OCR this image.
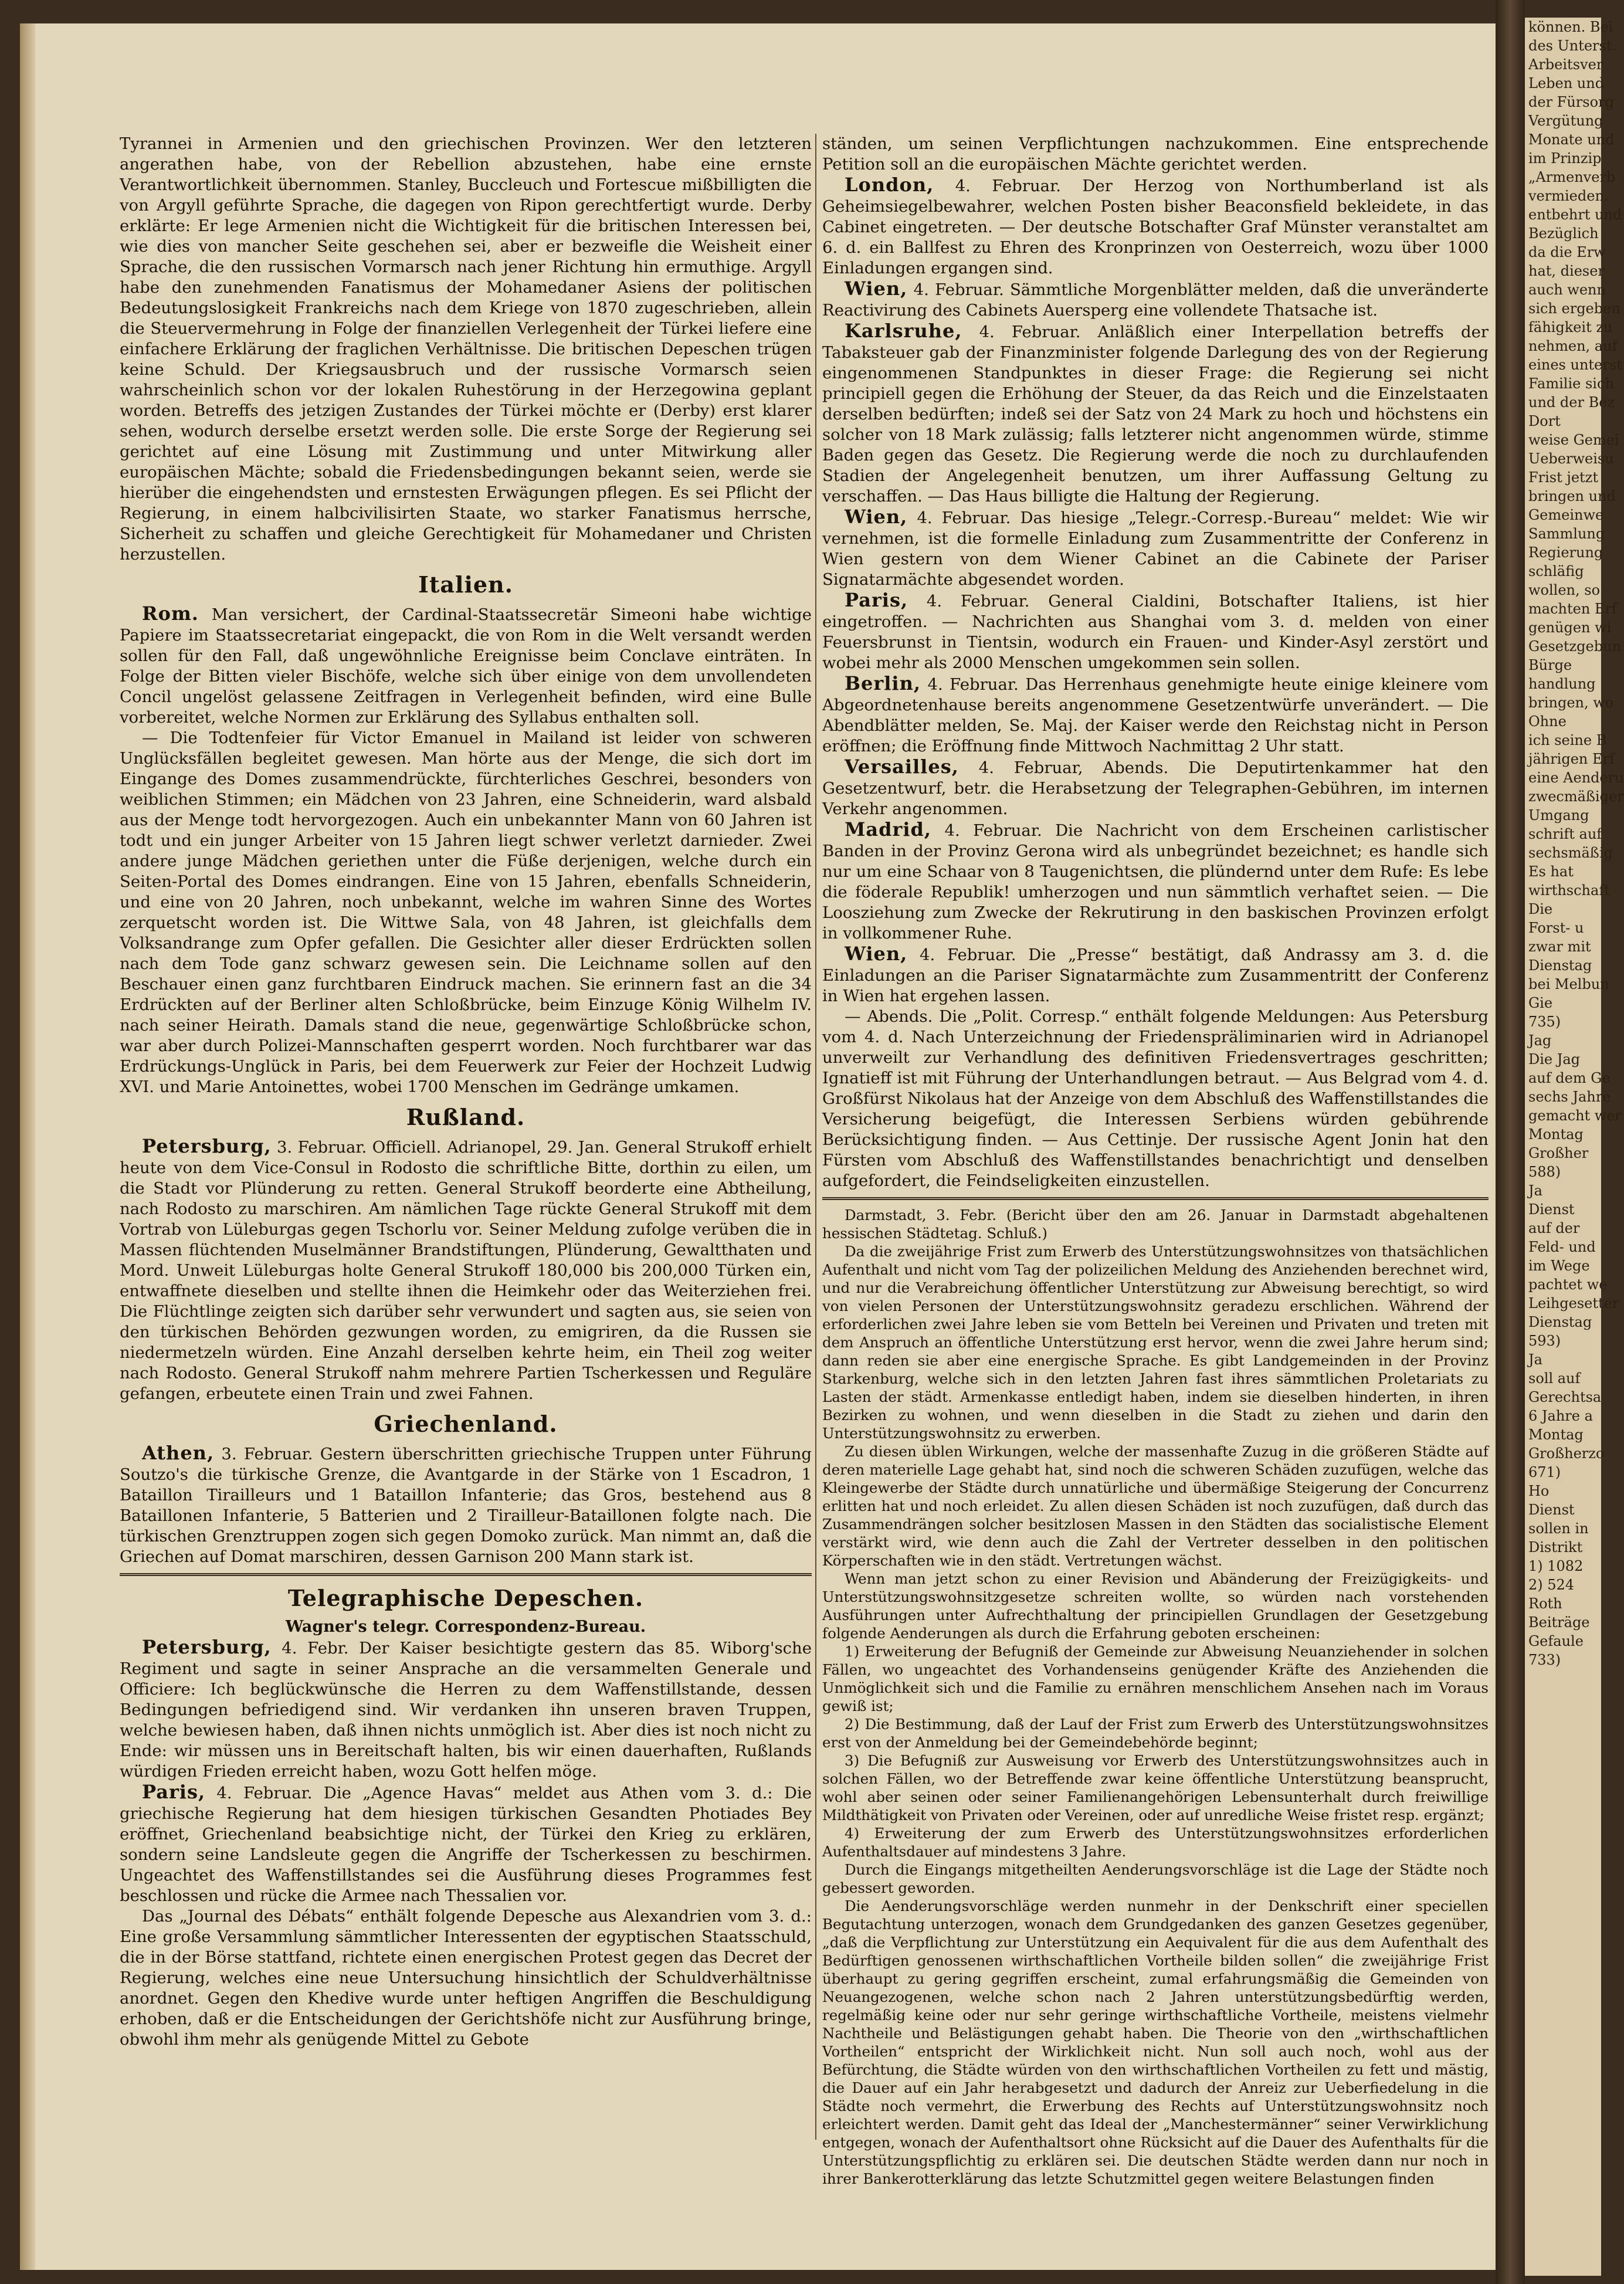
Tyrannei in Armenien und den griechischen Provinzen. Wer den letzteren angerathen habe, von der Rebellion abzustehen, habe eine ernste Verantwortlichkeit übernommen. Stanley, Buccleuch und Fortescue mißbilligten die von Argyll geführte Sprache, die dagegen von Ripon gerechtfertigt wurde. Derby erklärte: Er lege Armenien nicht die Wichtigkeit für die britischen Interessen bei, wie dies von mancher Seite geschehen sei, aber er bezweifle die Weisheit einer Sprache, die den russischen Vormarsch nach jener Richtung hin ermuthige. Argyll habe den zunehmenden Fanatismus der Mohamedaner Asiens der politischen Bedeutungslosigkeit Frankreichs nach dem Kriege von 1870 zugeschrieben, allein die Steuervermehrung in Folge der finanziellen Verlegenheit der Türkei liefere eine einfachere Erklärung der fraglichen Verhältnisse. Die britischen Depeschen trügen keine Schuld. Der Kriegsausbruch und der russische Vormarsch seien wahrscheinlich schon vor der lokalen Ruhestörung in der Herzegowina geplant worden. Betreffs des jetzigen Zustandes der Türkei möchte er (Derby) erst klarer sehen, wodurch derselbe ersetzt werden solle. Die erste Sorge der Regierung sei gerichtet auf eine Lösung mit Zustimmung und unter Mitwirkung aller europäischen Mächte; sobald die Friedensbedingungen bekannt seien, werde sie hierüber die eingehendsten und ernstesten Erwägungen pflegen. Es sei Pflicht der Regierung, in einem halbcivilisirten Staate, wo starker Fanatismus herrsche, Sicherheit zu schaffen und gleiche Gerechtigkeit für Mohamedaner und Christen herzustellen.

Italien.

Rom. Man versichert, der Cardinal-Staatssecretär Simeoni habe wichtige Papiere im Staatssecretariat eingepackt, die von Rom in die Welt versandt werden sollen für den Fall, daß ungewöhnliche Ereignisse beim Conclave einträten. In Folge der Bitten vieler Bischöfe, welche sich über einige von dem unvollendeten Concil ungelöst gelassene Zeitfragen in Verlegenheit befinden, wird eine Bulle vorbereitet, welche Normen zur Erklärung des Syllabus enthalten soll.

— Die Todtenfeier für Victor Emanuel in Mailand ist leider von schweren Unglücksfällen begleitet gewesen. Man hörte aus der Menge, die sich dort im Eingange des Domes zusammendrückte, fürchterliches Geschrei, besonders von weiblichen Stimmen; ein Mädchen von 23 Jahren, eine Schneiderin, ward alsbald aus der Menge todt hervorgezogen. Auch ein unbekannter Mann von 60 Jahren ist todt und ein junger Arbeiter von 15 Jahren liegt schwer verletzt darnieder. Zwei andere junge Mädchen geriethen unter die Füße derjenigen, welche durch ein Seiten-Portal des Domes eindrangen. Eine von 15 Jahren, ebenfalls Schneiderin, und eine von 20 Jahren, noch unbekannt, welche im wahren Sinne des Wortes zerquetscht worden ist. Die Wittwe Sala, von 48 Jahren, ist gleichfalls dem Volksandrange zum Opfer gefallen. Die Gesichter aller dieser Erdrückten sollen nach dem Tode ganz schwarz gewesen sein. Die Leichname sollen auf den Beschauer einen ganz furchtbaren Eindruck machen. Sie erinnern fast an die 34 Erdrückten auf der Berliner alten Schloßbrücke, beim Einzuge König Wilhelm IV. nach seiner Heirath. Damals stand die neue, gegenwärtige Schloßbrücke schon, war aber durch Polizei-Mannschaften gesperrt worden. Noch furchtbarer war das Erdrückungs-Unglück in Paris, bei dem Feuerwerk zur Feier der Hochzeit Ludwig XVI. und Marie Antoinettes, wobei 1700 Menschen im Gedränge umkamen.

Rußland.

Petersburg, 3. Februar. Officiell. Adrianopel, 29. Jan. General Strukoff erhielt heute von dem Vice-Consul in Rodosto die schriftliche Bitte, dorthin zu eilen, um die Stadt vor Plünderung zu retten. General Strukoff beorderte eine Abtheilung, nach Rodosto zu marschiren. Am nämlichen Tage rückte General Strukoff mit dem Vortrab von Lüleburgas gegen Tschorlu vor. Seiner Meldung zufolge verüben die in Massen flüchtenden Muselmänner Brandstiftungen, Plünderung, Gewaltthaten und Mord. Unweit Lüleburgas holte General Strukoff 180,000 bis 200,000 Türken ein, entwaffnete dieselben und stellte ihnen die Heimkehr oder das Weiterziehen frei. Die Flüchtlinge zeigten sich darüber sehr verwundert und sagten aus, sie seien von den türkischen Behörden gezwungen worden, zu emigriren, da die Russen sie niedermetzeln würden. Eine Anzahl derselben kehrte heim, ein Theil zog weiter nach Rodosto. General Strukoff nahm mehrere Partien Tscherkessen und Reguläre gefangen, erbeutete einen Train und zwei Fahnen.

Griechenland.

Athen, 3. Februar. Gestern überschritten griechische Truppen unter Führung Soutzo's die türkische Grenze, die Avantgarde in der Stärke von 1 Escadron, 1 Bataillon Tirailleurs und 1 Bataillon Infanterie; das Gros, bestehend aus 8 Bataillonen Infanterie, 5 Batterien und 2 Tirailleur-Bataillonen folgte nach. Die türkischen Grenztruppen zogen sich gegen Domoko zurück. Man nimmt an, daß die Griechen auf Domat marschiren, dessen Garnison 200 Mann stark ist.

Telegraphische Depeschen.
Wagner's telegr. Correspondenz-Bureau.

Petersburg, 4. Febr. Der Kaiser besichtigte gestern das 85. Wiborg'sche Regiment und sagte in seiner Ansprache an die versammelten Generale und Officiere: Ich beglückwünsche die Herren zu dem Waffenstillstande, dessen Bedingungen befriedigend sind. Wir verdanken ihn unseren braven Truppen, welche bewiesen haben, daß ihnen nichts unmöglich ist. Aber dies ist noch nicht zu Ende: wir müssen uns in Bereitschaft halten, bis wir einen dauerhaften, Rußlands würdigen Frieden erreicht haben, wozu Gott helfen möge.

Paris, 4. Februar. Die „Agence Havas“ meldet aus Athen vom 3. d.: Die griechische Regierung hat dem hiesigen türkischen Gesandten Photiades Bey eröffnet, Griechenland beabsichtige nicht, der Türkei den Krieg zu erklären, sondern seine Landsleute gegen die Angriffe der Tscherkessen zu beschirmen. Ungeachtet des Waffenstillstandes sei die Ausführung dieses Programmes fest beschlossen und rücke die Armee nach Thessalien vor.

Das „Journal des Débats“ enthält folgende Depesche aus Alexandrien vom 3. d.: Eine große Versammlung sämmtlicher Interessenten der egyptischen Staatsschuld, die in der Börse stattfand, richtete einen energischen Protest gegen das Decret der Regierung, welches eine neue Untersuchung hinsichtlich der Schuldverhältnisse anordnet. Gegen den Khedive wurde unter heftigen Angriffen die Beschuldigung erhoben, daß er die Entscheidungen der Gerichtshöfe nicht zur Ausführung bringe, obwohl ihm mehr als genügende Mittel zu Gebote

ständen, um seinen Verpflichtungen nachzukommen. Eine entsprechende Petition soll an die europäischen Mächte gerichtet werden.

London, 4. Februar. Der Herzog von Northumberland ist als Geheimsiegelbewahrer, welchen Posten bisher Beaconsfield bekleidete, in das Cabinet eingetreten. — Der deutsche Botschafter Graf Münster veranstaltet am 6. d. ein Ballfest zu Ehren des Kronprinzen von Oesterreich, wozu über 1000 Einladungen ergangen sind.

Wien, 4. Februar. Sämmtliche Morgenblätter melden, daß die unveränderte Reactivirung des Cabinets Auersperg eine vollendete Thatsache ist.

Karlsruhe, 4. Februar. Anläßlich einer Interpellation betreffs der Tabaksteuer gab der Finanzminister folgende Darlegung des von der Regierung eingenommenen Standpunktes in dieser Frage: die Regierung sei nicht principiell gegen die Erhöhung der Steuer, da das Reich und die Einzelstaaten derselben bedürften; indeß sei der Satz von 24 Mark zu hoch und höchstens ein solcher von 18 Mark zulässig; falls letzterer nicht angenommen würde, stimme Baden gegen das Gesetz. Die Regierung werde die noch zu durchlaufenden Stadien der Angelegenheit benutzen, um ihrer Auffassung Geltung zu verschaffen. — Das Haus billigte die Haltung der Regierung.

Wien, 4. Februar. Das hiesige „Telegr.-Corresp.-Bureau“ meldet: Wie wir vernehmen, ist die formelle Einladung zum Zusammentritte der Conferenz in Wien gestern von dem Wiener Cabinet an die Cabinete der Pariser Signatarmächte abgesendet worden.

Paris, 4. Februar. General Cialdini, Botschafter Italiens, ist hier eingetroffen. — Nachrichten aus Shanghai vom 3. d. melden von einer Feuersbrunst in Tientsin, wodurch ein Frauen- und Kinder-Asyl zerstört und wobei mehr als 2000 Menschen umgekommen sein sollen.

Berlin, 4. Februar. Das Herrenhaus genehmigte heute einige kleinere vom Abgeordnetenhause bereits angenommene Gesetzentwürfe unverändert. — Die Abendblätter melden, Se. Maj. der Kaiser werde den Reichstag nicht in Person eröffnen; die Eröffnung finde Mittwoch Nachmittag 2 Uhr statt.

Versailles, 4. Februar, Abends. Die Deputirtenkammer hat den Gesetzentwurf, betr. die Herabsetzung der Telegraphen-Gebühren, im internen Verkehr angenommen.

Madrid, 4. Februar. Die Nachricht von dem Erscheinen carlistischer Banden in der Provinz Gerona wird als unbegründet bezeichnet; es handle sich nur um eine Schaar von 8 Taugenichtsen, die plündernd unter dem Rufe: Es lebe die föderale Republik! umherzogen und nun sämmtlich verhaftet seien. — Die Loosziehung zum Zwecke der Rekrutirung in den baskischen Provinzen erfolgt in vollkommener Ruhe.

Wien, 4. Februar. Die „Presse“ bestätigt, daß Andrassy am 3. d. die Einladungen an die Pariser Signatarmächte zum Zusammentritt der Conferenz in Wien hat ergehen lassen.

— Abends. Die „Polit. Corresp.“ enthält folgende Meldungen: Aus Petersburg vom 4. d. Nach Unterzeichnung der Friedenspräliminarien wird in Adrianopel unverweilt zur Verhandlung des definitiven Friedensvertrages geschritten; Ignatieff ist mit Führung der Unterhandlungen betraut. — Aus Belgrad vom 4. d. Großfürst Nikolaus hat der Anzeige von dem Abschluß des Waffenstillstandes die Versicherung beigefügt, die Interessen Serbiens würden gebührende Berücksichtigung finden. — Aus Cettinje. Der russische Agent Jonin hat den Fürsten vom Abschluß des Waffenstillstandes benachrichtigt und denselben aufgefordert, die Feindseligkeiten einzustellen.

Darmstadt, 3. Febr. (Bericht über den am 26. Januar in Darmstadt abgehaltenen hessischen Städtetag. Schluß.)

Da die zweijährige Frist zum Erwerb des Unterstützungswohnsitzes von thatsächlichen Aufenthalt und nicht vom Tag der polizeilichen Meldung des Anziehenden berechnet wird, und nur die Verabreichung öffentlicher Unterstützung zur Abweisung berechtigt, so wird von vielen Personen der Unterstützungswohnsitz geradezu erschlichen. Während der erforderlichen zwei Jahre leben sie vom Betteln bei Vereinen und Privaten und treten mit dem Anspruch an öffentliche Unterstützung erst hervor, wenn die zwei Jahre herum sind; dann reden sie aber eine energische Sprache. Es gibt Landgemeinden in der Provinz Starkenburg, welche sich in den letzten Jahren fast ihres sämmtlichen Proletariats zu Lasten der städt. Armenkasse entledigt haben, indem sie dieselben hinderten, in ihren Bezirken zu wohnen, und wenn dieselben in die Stadt zu ziehen und darin den Unterstützungswohnsitz zu erwerben.

Zu diesen üblen Wirkungen, welche der massenhafte Zuzug in die größeren Städte auf deren materielle Lage gehabt hat, sind noch die schweren Schäden zuzufügen, welche das Kleingewerbe der Städte durch unnatürliche und übermäßige Steigerung der Concurrenz erlitten hat und noch erleidet. Zu allen diesen Schäden ist noch zuzufügen, daß durch das Zusammendrängen solcher besitzlosen Massen in den Städten das socialistische Element verstärkt wird, wie denn auch die Zahl der Vertreter desselben in den politischen Körperschaften wie in den städt. Vertretungen wächst.

Wenn man jetzt schon zu einer Revision und Abänderung der Freizügigkeits- und Unterstützungswohnsitzgesetze schreiten wollte, so würden nach vorstehenden Ausführungen unter Aufrechthaltung der principiellen Grundlagen der Gesetzgebung folgende Aenderungen als durch die Erfahrung geboten erscheinen:

1) Erweiterung der Befugniß der Gemeinde zur Abweisung Neuanziehender in solchen Fällen, wo ungeachtet des Vorhandenseins genügender Kräfte des Anziehenden die Unmöglichkeit sich und die Familie zu ernähren menschlichem Ansehen nach im Voraus gewiß ist;

2) Die Bestimmung, daß der Lauf der Frist zum Erwerb des Unterstützungswohnsitzes erst von der Anmeldung bei der Gemeindebehörde beginnt;

3) Die Befugniß zur Ausweisung vor Erwerb des Unterstützungswohnsitzes auch in solchen Fällen, wo der Betreffende zwar keine öffentliche Unterstützung beansprucht, wohl aber seinen oder seiner Familienangehörigen Lebensunterhalt durch freiwillige Mildthätigkeit von Privaten oder Vereinen, oder auf unredliche Weise fristet resp. ergänzt;

4) Erweiterung der zum Erwerb des Unterstützungswohnsitzes erforderlichen Aufenthaltsdauer auf mindestens 3 Jahre.

Durch die Eingangs mitgetheilten Aenderungsvorschläge ist die Lage der Städte noch gebessert geworden.

Die Aenderungsvorschläge werden nunmehr in der Denkschrift einer speciellen Begutachtung unterzogen, wonach dem Grundgedanken des ganzen Gesetzes gegenüber, „daß die Verpflichtung zur Unterstützung ein Aequivalent für die aus dem Aufenthalt des Bedürftigen genossenen wirthschaftlichen Vortheile bilden sollen“ die zweijährige Frist überhaupt zu gering gegriffen erscheint, zumal erfahrungsmäßig die Gemeinden von Neuangezogenen, welche schon nach 2 Jahren unterstützungsbedürftig werden, regelmäßig keine oder nur sehr geringe wirthschaftliche Vortheile, meistens vielmehr Nachtheile und Belästigungen gehabt haben. Die Theorie von den „wirthschaftlichen Vortheilen“ entspricht der Wirklichkeit nicht. Nun soll auch noch, wohl aus der Befürchtung, die Städte würden von den wirthschaftlichen Vortheilen zu fett und mästig, die Dauer auf ein Jahr herabgesetzt und dadurch der Anreiz zur Ueberfiedelung in die Städte noch vermehrt, die Erwerbung des Rechts auf Unterstützungswohnsitz noch erleichtert werden. Damit geht das Ideal der „Manchestermänner“ seiner Verwirklichung entgegen, wonach der Aufenthaltsort ohne Rücksicht auf die Dauer des Aufenthalts für die Unterstützungspflichtig zu erklären sei. Die deutschen Städte werden dann nur noch in ihrer Bankerotterklärung das letzte Schutzmittel gegen weitere Belastungen finden

können. Bei
des Unterst.
Arbeitsver
Leben und
der Fürsorg
Vergütung
Monate und
im Prinzip
„Armenverb
vermieden.
entbehrt und
Bezüglich
da die Erw
hat, dieser
auch wenn
sich ergeben
fähigkeit zu
nehmen, auf
eines unterst
Familie sich
und der Bez
Dort
weise Gemei
Ueberweisu
Frist jetzt
bringen und
Gemeinwe
Sammlung
Regierung
schläfig
wollen, so
machten Erf
genügen wi
Gesetzgebun
Bürge
handlung
bringen, wo
Ohne
ich seine B
jährigen Erf
eine Aenderu
zwecmäßiger
Umgang
schrift auf
sechsmäßig
Es hat
wirthschaft
Die
Forst- u
zwar mit
Dienstag
bei Melbun
Gie
735)
Jag
Die Jag
auf dem Ge
sechs Jahre
gemacht wer
Montag
Großher
588)
Ja
Dienst
auf der
Feld- und
im Wege
pachtet we
Leihgesetter
Dienstag
593)
Ja
soll auf
Gerechtsa
6 Jahre a
Montag
Großherzo
671)
Ho
Dienst
sollen in
Distrikt
1) 1082
2) 524
Roth
Beiträge
Gefaule
733)
